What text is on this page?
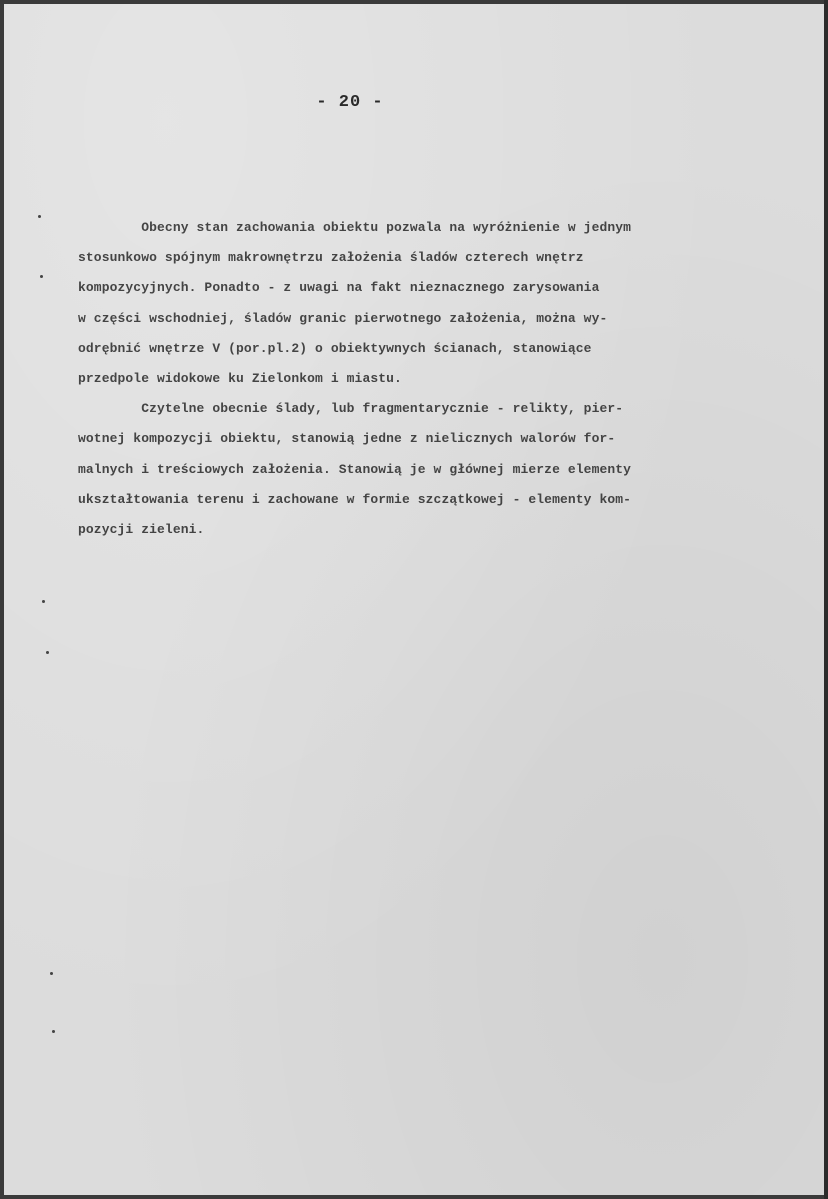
- 20 -
Obecny stan zachowania obiektu pozwala na wyróżnienie w jednym
stosunkowo spójnym makrownętrzu założenia śladów czterech wnętrz
kompozycyjnych. Ponadto - z uwagi na fakt nieznacznego zarysowania
w części wschodniej, śladów granic pierwotnego założenia, można wy-
odrębnić wnętrze V (por.pl.2) o obiektywnych ścianach, stanowiące
przedpole widokowe ku Zielonkom i miastu.
Czytelne obecnie ślady, lub fragmentarycznie - relikty, pier-
wotnej kompozycji obiektu, stanowią jedne z nielicznych walorów for-
malnych i treściowych założenia. Stanowią je w głównej mierze elementy
ukształtowania terenu i zachowane w formie szczątkowej - elementy kom-
pozycji zieleni.
